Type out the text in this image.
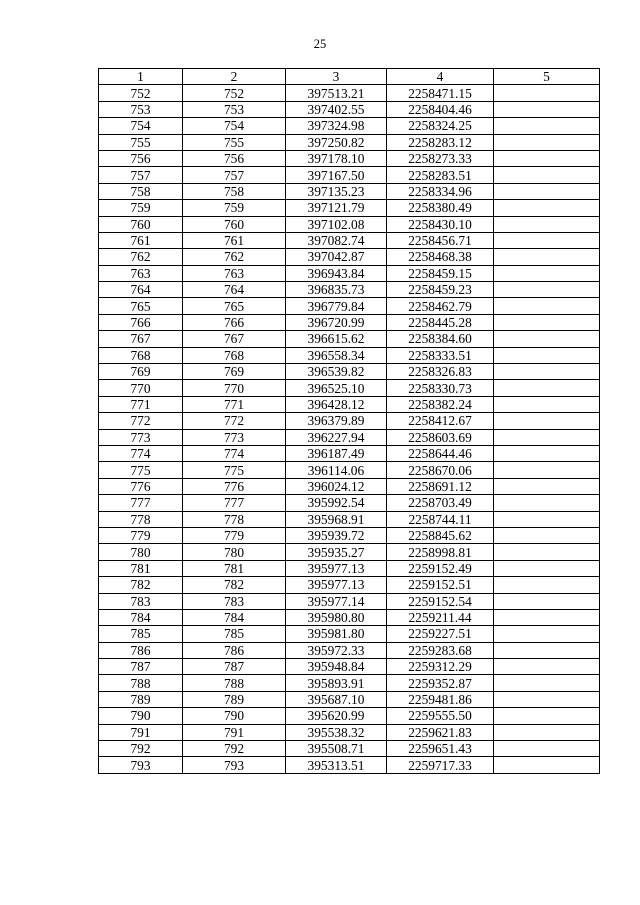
25
1	2	3	4	5
752	752	397513.21	2258471.15	
753	753	397402.55	2258404.46	
754	754	397324.98	2258324.25	
755	755	397250.82	2258283.12	
756	756	397178.10	2258273.33	
757	757	397167.50	2258283.51	
758	758	397135.23	2258334.96	
759	759	397121.79	2258380.49	
760	760	397102.08	2258430.10	
761	761	397082.74	2258456.71	
762	762	397042.87	2258468.38	
763	763	396943.84	2258459.15	
764	764	396835.73	2258459.23	
765	765	396779.84	2258462.79	
766	766	396720.99	2258445.28	
767	767	396615.62	2258384.60	
768	768	396558.34	2258333.51	
769	769	396539.82	2258326.83	
770	770	396525.10	2258330.73	
771	771	396428.12	2258382.24	
772	772	396379.89	2258412.67	
773	773	396227.94	2258603.69	
774	774	396187.49	2258644.46	
775	775	396114.06	2258670.06	
776	776	396024.12	2258691.12	
777	777	395992.54	2258703.49	
778	778	395968.91	2258744.11	
779	779	395939.72	2258845.62	
780	780	395935.27	2258998.81	
781	781	395977.13	2259152.49	
782	782	395977.13	2259152.51	
783	783	395977.14	2259152.54	
784	784	395980.80	2259211.44	
785	785	395981.80	2259227.51	
786	786	395972.33	2259283.68	
787	787	395948.84	2259312.29	
788	788	395893.91	2259352.87	
789	789	395687.10	2259481.86	
790	790	395620.99	2259555.50	
791	791	395538.32	2259621.83	
792	792	395508.71	2259651.43	
793	793	395313.51	2259717.33	
